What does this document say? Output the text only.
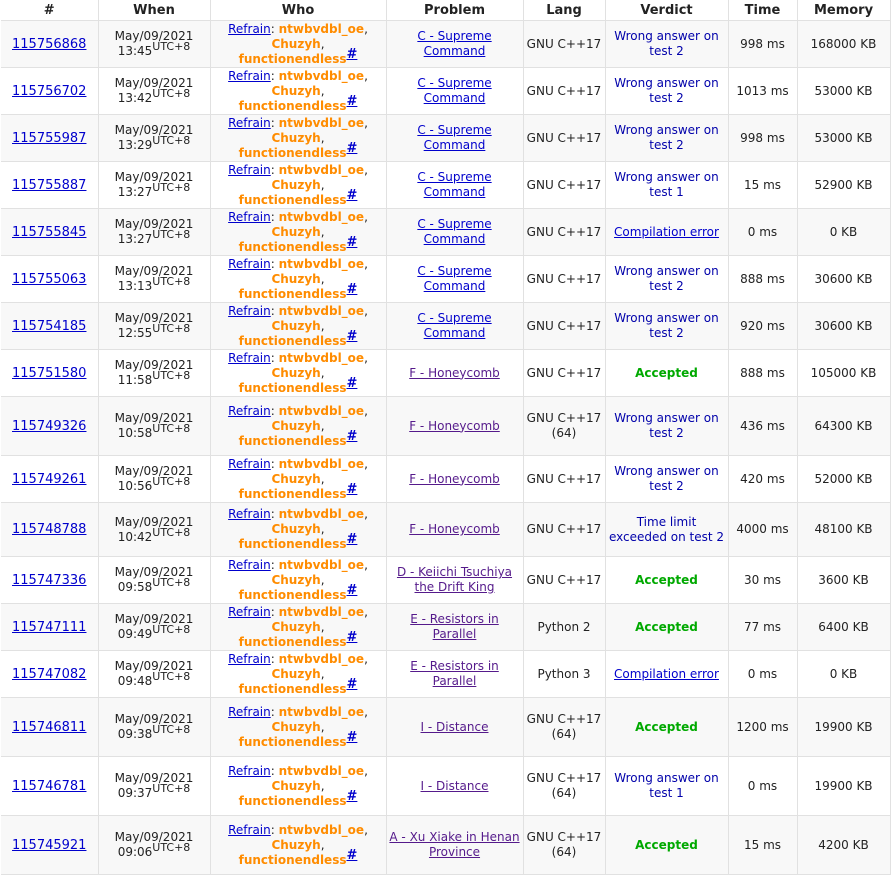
#	When	Who	Problem	Lang	Verdict	Time	Memory
115756868	May/09/2021
13:45UTC+8	Refrain: ntwbvdbl_oe,
Chuzyh, functionendless#	C - Supreme Command	GNU C++17	Wrong answer on test 2	998 ms	168000 KB
115756702	May/09/2021
13:42UTC+8	Refrain: ntwbvdbl_oe,
Chuzyh, functionendless#	C - Supreme Command	GNU C++17	Wrong answer on test 2	1013 ms	53000 KB
115755987	May/09/2021
13:29UTC+8	Refrain: ntwbvdbl_oe,
Chuzyh, functionendless#	C - Supreme Command	GNU C++17	Wrong answer on test 2	998 ms	53000 KB
115755887	May/09/2021
13:27UTC+8	Refrain: ntwbvdbl_oe,
Chuzyh, functionendless#	C - Supreme Command	GNU C++17	Wrong answer on test 1	15 ms	52900 KB
115755845	May/09/2021
13:27UTC+8	Refrain: ntwbvdbl_oe,
Chuzyh, functionendless#	C - Supreme Command	GNU C++17	Compilation error	0 ms	0 KB
115755063	May/09/2021
13:13UTC+8	Refrain: ntwbvdbl_oe,
Chuzyh, functionendless#	C - Supreme Command	GNU C++17	Wrong answer on test 2	888 ms	30600 KB
115754185	May/09/2021
12:55UTC+8	Refrain: ntwbvdbl_oe,
Chuzyh, functionendless#	C - Supreme Command	GNU C++17	Wrong answer on test 2	920 ms	30600 KB
115751580	May/09/2021
11:58UTC+8	Refrain: ntwbvdbl_oe,
Chuzyh, functionendless#	F - Honeycomb	GNU C++17	Accepted	888 ms	105000 KB
115749326	May/09/2021
10:58UTC+8	Refrain: ntwbvdbl_oe,
Chuzyh, functionendless#	F - Honeycomb	GNU C++17 (64)	Wrong answer on test 2	436 ms	64300 KB
115749261	May/09/2021
10:56UTC+8	Refrain: ntwbvdbl_oe,
Chuzyh, functionendless#	F - Honeycomb	GNU C++17	Wrong answer on test 2	420 ms	52000 KB
115748788	May/09/2021
10:42UTC+8	Refrain: ntwbvdbl_oe,
Chuzyh, functionendless#	F - Honeycomb	GNU C++17	Time limit exceeded on test 2	4000 ms	48100 KB
115747336	May/09/2021
09:58UTC+8	Refrain: ntwbvdbl_oe,
Chuzyh, functionendless#	D - Keiichi Tsuchiya the Drift King	GNU C++17	Accepted	30 ms	3600 KB
115747111	May/09/2021
09:49UTC+8	Refrain: ntwbvdbl_oe,
Chuzyh, functionendless#	E - Resistors in Parallel	Python 2	Accepted	77 ms	6400 KB
115747082	May/09/2021
09:48UTC+8	Refrain: ntwbvdbl_oe,
Chuzyh, functionendless#	E - Resistors in Parallel	Python 3	Compilation error	0 ms	0 KB
115746811	May/09/2021
09:38UTC+8	Refrain: ntwbvdbl_oe,
Chuzyh, functionendless#	I - Distance	GNU C++17 (64)	Accepted	1200 ms	19900 KB
115746781	May/09/2021
09:37UTC+8	Refrain: ntwbvdbl_oe,
Chuzyh, functionendless#	I - Distance	GNU C++17 (64)	Wrong answer on test 1	0 ms	19900 KB
115745921	May/09/2021
09:06UTC+8	Refrain: ntwbvdbl_oe,
Chuzyh, functionendless#	A - Xu Xiake in Henan Province	GNU C++17 (64)	Accepted	15 ms	4200 KB
